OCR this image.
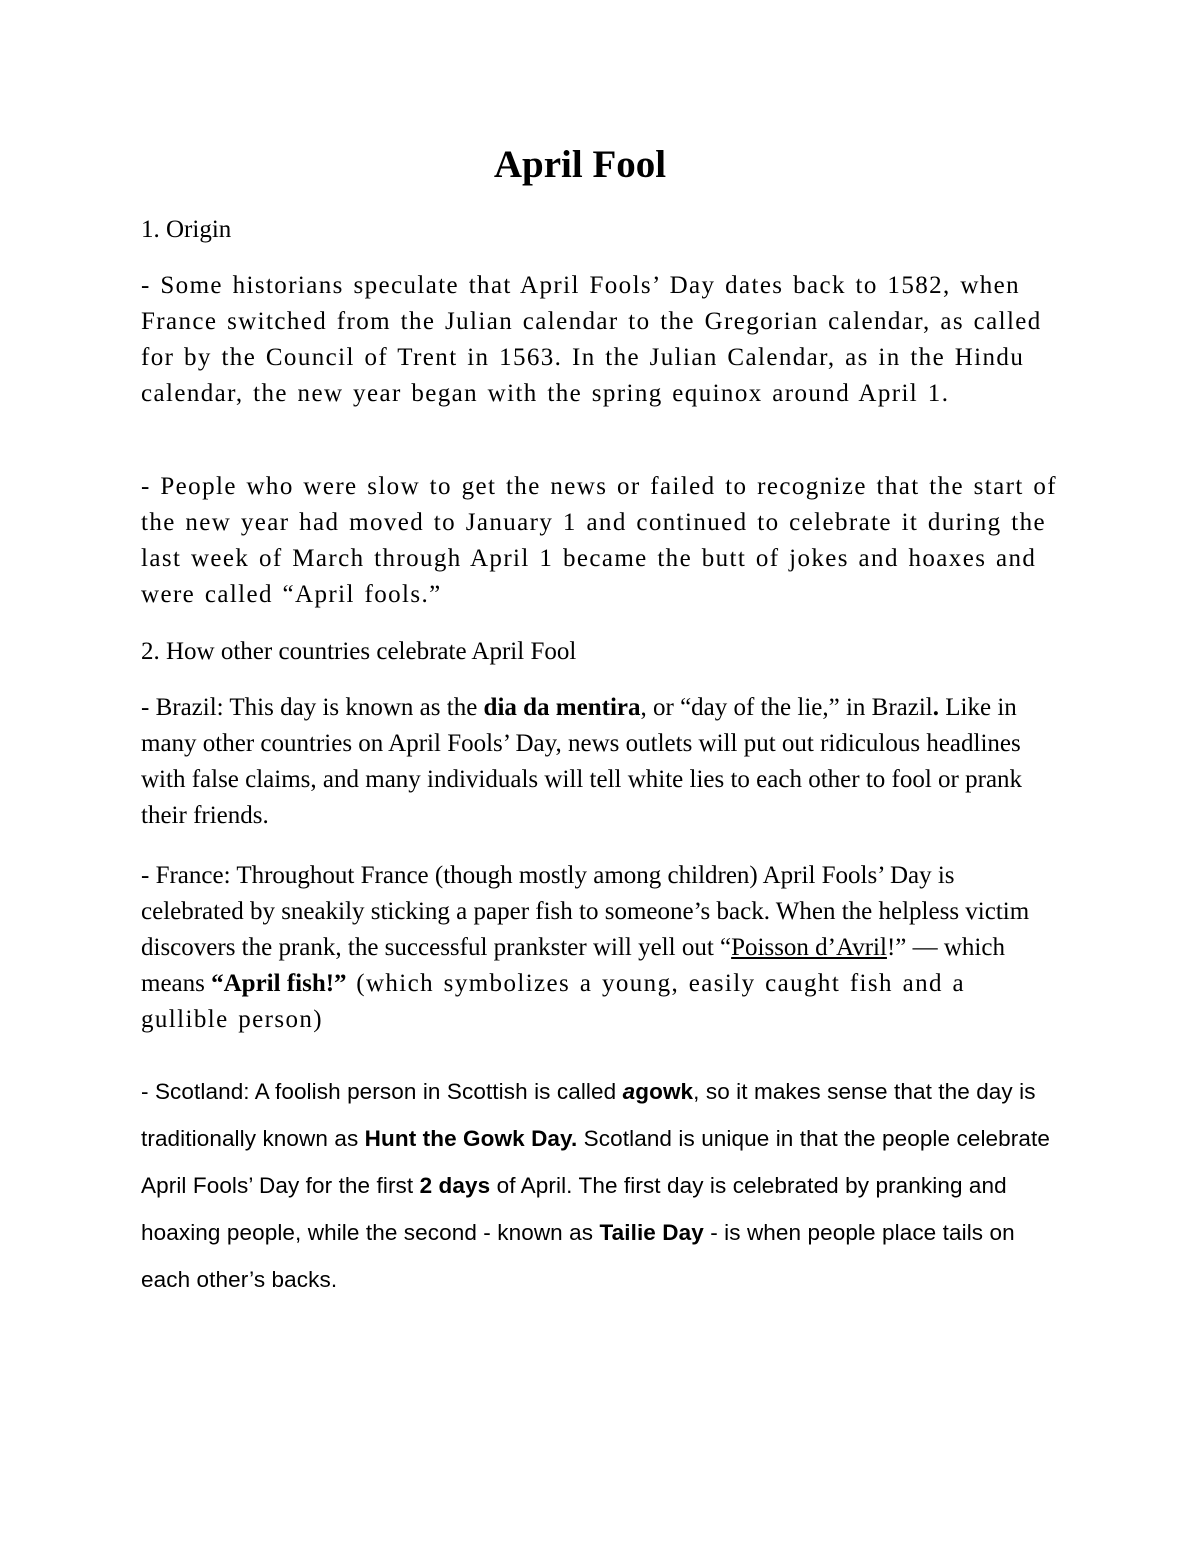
April Fool

1. Origin

- Some historians speculate that April Fools’ Day dates back to 1582, when France switched from the Julian calendar to the Gregorian calendar, as called for by the Council of Trent in 1563. In the Julian Calendar, as in the Hindu calendar, the new year began with the spring equinox around April 1.

- People who were slow to get the news or failed to recognize that the start of the new year had moved to January 1 and continued to celebrate it during the last week of March through April 1 became the butt of jokes and hoaxes and were called “April fools.”

2. How other countries celebrate April Fool

- Brazil: This day is known as the dia da mentira, or “day of the lie,” in Brazil. Like in many other countries on April Fools’ Day, news outlets will put out ridiculous headlines with false claims, and many individuals will tell white lies to each other to fool or prank their friends.

- France: Throughout France (though mostly among children) April Fools’ Day is celebrated by sneakily sticking a paper fish to someone’s back. When the helpless victim discovers the prank, the successful prankster will yell out “Poisson d’Avril!” — which means “April fish!” (which symbolizes a young, easily caught fish and a gullible person)

- Scotland: A foolish person in Scottish is called agowk, so it makes sense that the day is traditionally known as Hunt the Gowk Day. Scotland is unique in that the people celebrate April Fools’ Day for the first 2 days of April. The first day is celebrated by pranking and hoaxing people, while the second - known as Tailie Day - is when people place tails on each other’s backs.
